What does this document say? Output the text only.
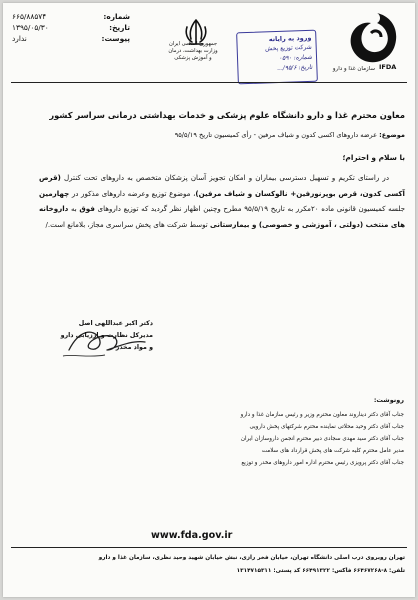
سازمان غذا و دارو IFDA
ورود به رایانه
شرکت توزیع پخش
شماره: ۰۵۹۰
تاریخ: ۹۵/۶/...
جمهوری اسلامی ایران
وزارت بهداشت، درمان
و آموزش پزشکی
شماره:
۶۶۵/۸۸۵۷۴
تاریخ:
۱۳۹۵/۰۵/۳۰
پیوست:
ندارد
معاون محترم غذا و دارو دانشگاه علوم پزشکی و خدمات بهداشتی درمانی سراسر کشور
موضوع: عرضه داروهای اکسی کدون و شیاف مرفین - رأی کمیسیون تاریخ ۹۵/۵/۱۹
با سلام و احترام؛
در راستای تکریم و تسهیل دسترسی بیماران و امکان تجویز آسان پزشکان متخصص به داروهای تحت کنترل (قرص آکسی کدون، قرص بوپرنورفین+ نالوکسان و شیاف مرفین)، موضوع توزیع وعرضه داروهای مذکور در چهارمین جلسه کمیسیون قانونی ماده ۲۰مکرر به تاریخ ۹۵/۵/۱۹ مطرح وچنین اظهار نظر گردید که توزیع داروهای فوق به داروخانه های منتخب (دولتی ، آموزشی و خصوصی) و بیمارستانی توسط شرکت های پخش سراسری مجاز، بلامانع است./
دکتر اکبر عبداللهی اصل
مدیرکل نظارت و ارزیابی دارو
و مواد مخدر
رونوشت:
جناب آقای دکتر دیناروند معاون محترم وزیر و رئیس سازمان غذا و دارو
جناب آقای دکتر وحید محلاتی نماینده محترم شرکتهای پخش دارویی
جناب آقای دکتر سید مهدی سجادی دبیر محترم انجمن داروسازان ایران
مدیر عامل محترم کلیه شرکت های پخش قرارداد های سلامت
جناب آقای دکتر پرویزی رئیس محترم اداره امور داروهای مخدر و توزیع
www.fda.gov.ir
تهران روبروی درب اصلی دانشگاه تهران، خیابان فخر رازی، نبش خیابان شهید وحید نظری، سازمان غذا و دارو
تلفن: ۸-۶۶۴۶۷۲۶۸ فاکس: ۶۶۴۹۱۳۲۲ کد پستی: ۱۳۱۴۷۱۵۳۱۱
